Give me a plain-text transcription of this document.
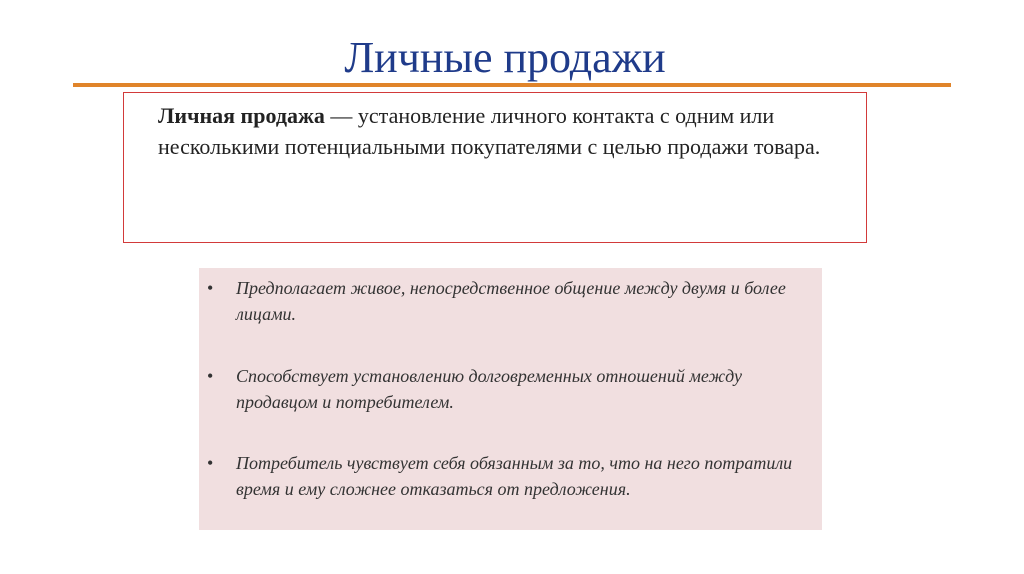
Личные продажи
Личная продажа — установление личного контакта с одним или несколькими потенциальными покупателями с целью продажи товара.
• Предполагает живое, непосредственное общение между двумя и более лицами.
• Способствует установлению долговременных отношений между продавцом и потребителем.
• Потребитель чувствует себя обязанным за то, что на него потратили время и ему сложнее отказаться от предложения.
